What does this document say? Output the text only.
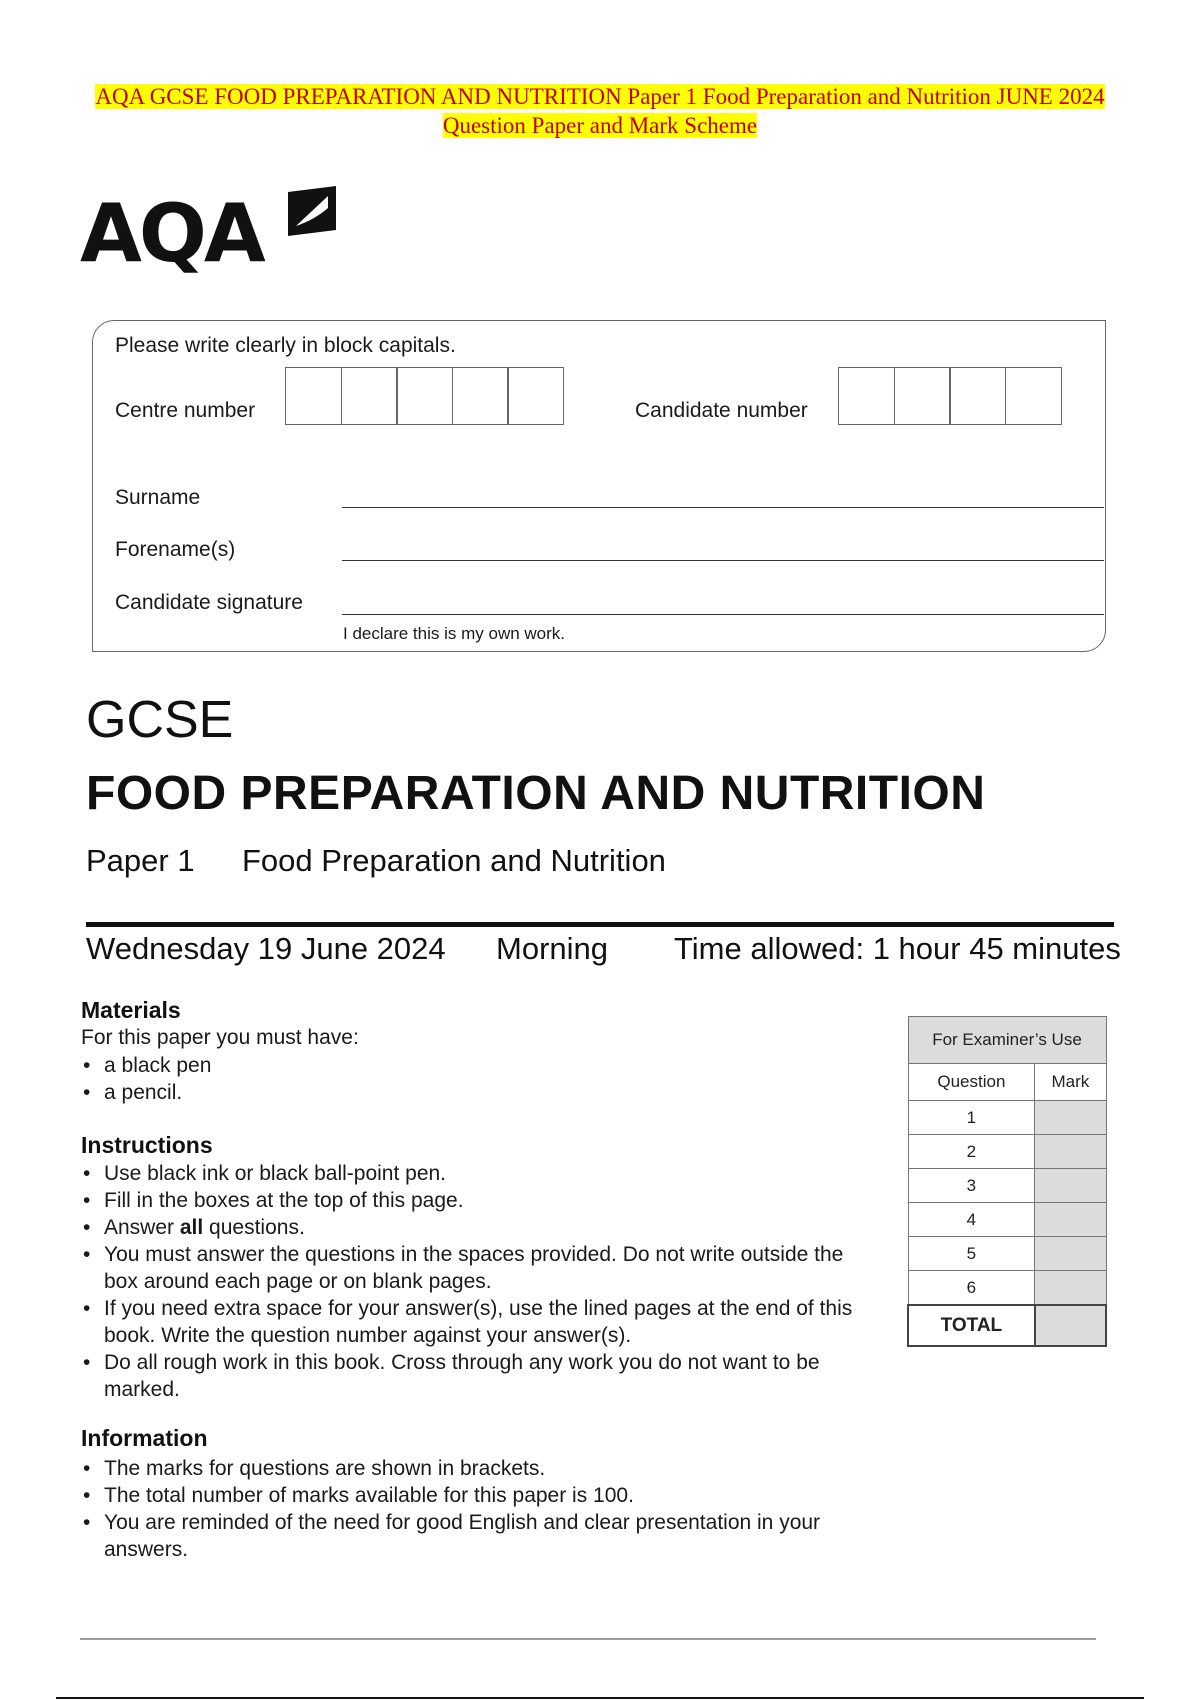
AQA GCSE FOOD PREPARATION AND NUTRITION Paper 1 Food Preparation and Nutrition JUNE 2024
Question Paper and Mark Scheme
AQA
Please write clearly in block capitals.
Centre number	Candidate number
Surname
Forename(s)
Candidate signature
I declare this is my own work.
GCSE
FOOD PREPARATION AND NUTRITION
Paper 1 Food Preparation and Nutrition
Wednesday 19 June 2024 Morning Time allowed: 1 hour 45 minutes
Materials
For this paper you must have:
• a black pen
• a pencil.
Instructions
• Use black ink or black ball-point pen.
• Fill in the boxes at the top of this page.
• Answer all questions.
• You must answer the questions in the spaces provided. Do not write outside the box around each page or on blank pages.
• If you need extra space for your answer(s), use the lined pages at the end of this book. Write the question number against your answer(s).
• Do all rough work in this book. Cross through any work you do not want to be marked.
Information
• The marks for questions are shown in brackets.
• The total number of marks available for this paper is 100.
• You are reminded of the need for good English and clear presentation in your answers.
For Examiner’s Use	
Question	Mark
1	
2	
3	
4	
5	
6	
TOTAL	
